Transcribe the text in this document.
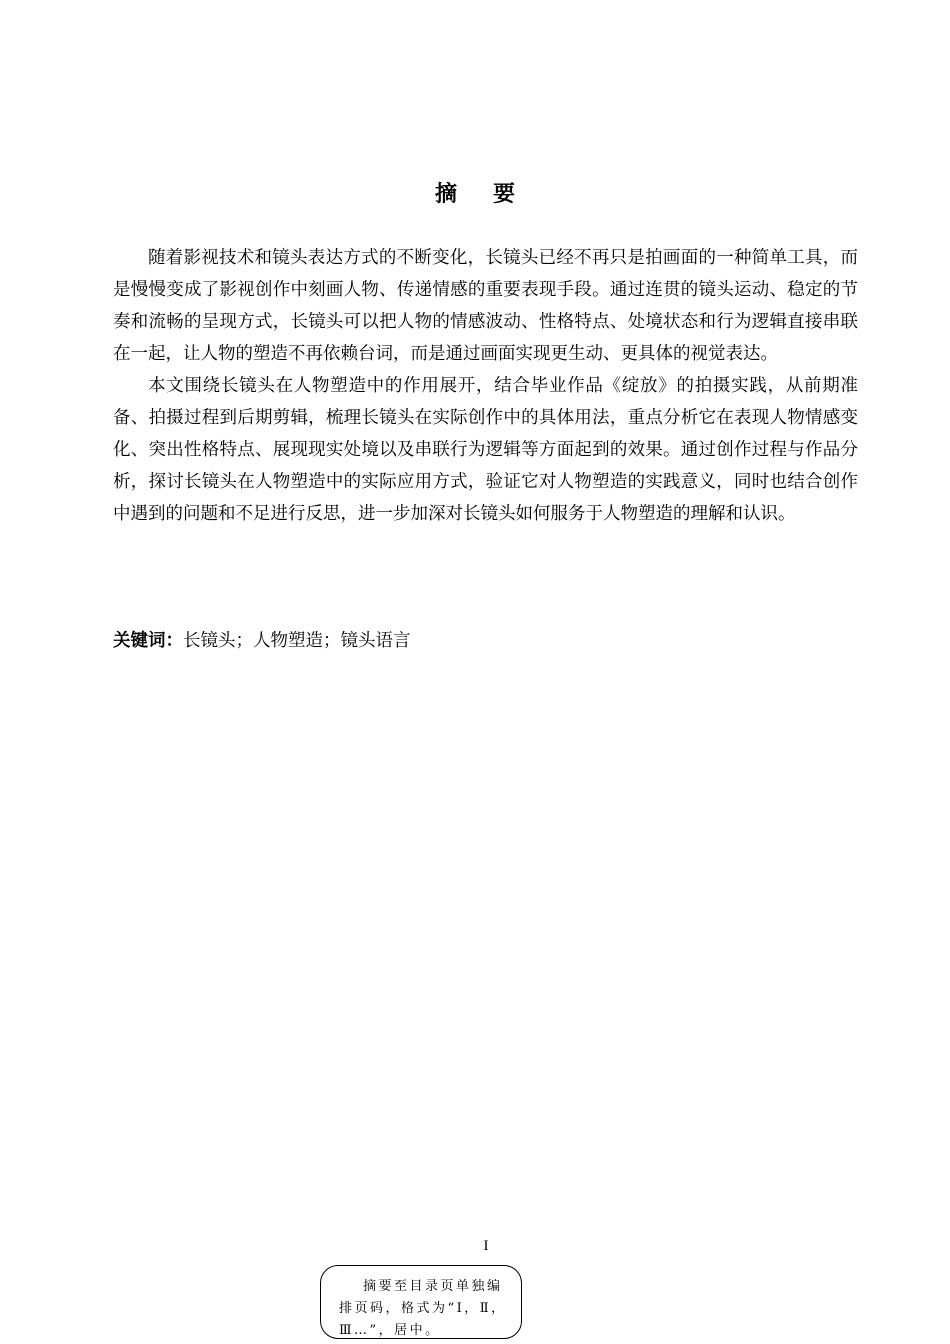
摘要

随着影视技术和镜头表达方式的不断变化，长镜头已经不再只是拍画面的一种简单工具，而是慢慢变成了影视创作中刻画人物、传递情感的重要表现手段。通过连贯的镜头运动、稳定的节奏和流畅的呈现方式，长镜头可以把人物的情感波动、性格特点、处境状态和行为逻辑直接串联在一起，让人物的塑造不再依赖台词，而是通过画面实现更生动、更具体的视觉表达。

本文围绕长镜头在人物塑造中的作用展开，结合毕业作品《绽放》的拍摄实践，从前期准备、拍摄过程到后期剪辑，梳理长镜头在实际创作中的具体用法，重点分析它在表现人物情感变化、突出性格特点、展现现实处境以及串联行为逻辑等方面起到的效果。通过创作过程与作品分析，探讨长镜头在人物塑造中的实际应用方式，验证它对人物塑造的实践意义，同时也结合创作中遇到的问题和不足进行反思，进一步加深对长镜头如何服务于人物塑造的理解和认识。

关键词：长镜头；人物塑造；镜头语言
I
摘要至目录页单独编排页码，格式为“Ⅰ，Ⅱ，Ⅲ…”，居中。
